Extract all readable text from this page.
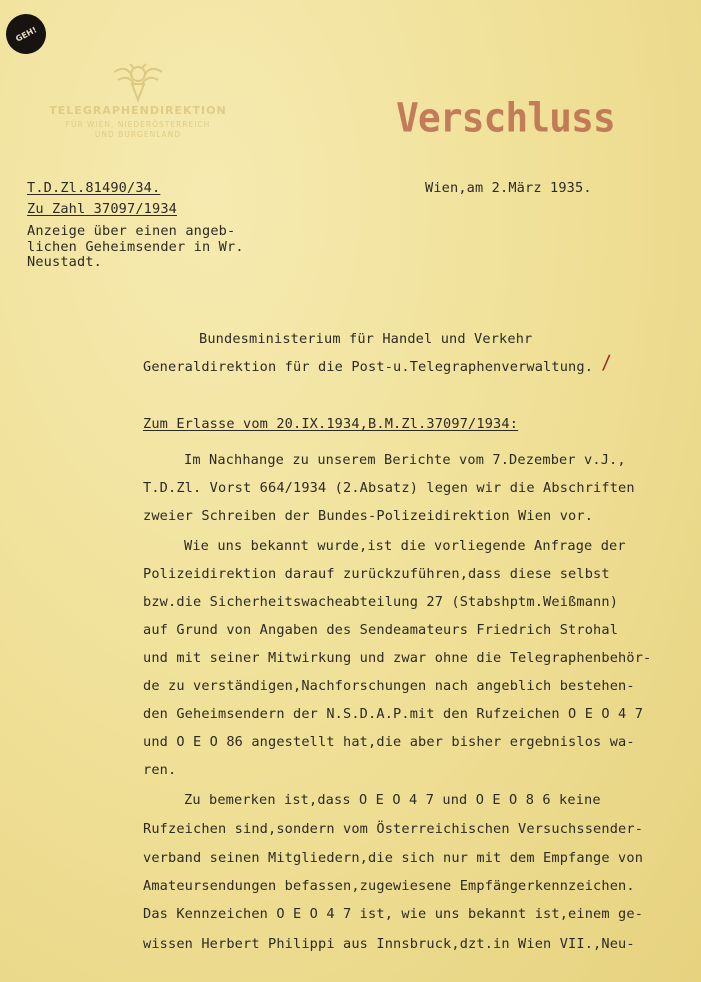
GEH!
TELEGRAPHENDIREKTION
FÜR WIEN, NIEDERÖSTERREICH
UND BURGENLAND	Verschluss
T.D.Zl.81490/34.
Zu Zahl 37097/1934
Anzeige über einen angeb-
lichen Geheimsender in Wr.
Neustadt.
Wien,am 2.März 1935.
Bundesministerium für Handel und Verkehr
Generaldirektion für die Post-u.Telegraphenverwaltung. /
Zum Erlasse vom 20.IX.1934,B.M.Zl.37097/1934:
Im Nachhange zu unserem Berichte vom 7.Dezember v.J.,
T.D.Zl. Vorst 664/1934 (2.Absatz) legen wir die Abschriften
zweier Schreiben der Bundes-Polizeidirektion Wien vor.
Wie uns bekannt wurde,ist die vorliegende Anfrage der
Polizeidirektion darauf zurückzuführen,dass diese selbst
bzw.die Sicherheitswacheabteilung 27 (Stabshptm.Weißmann)
auf Grund von Angaben des Sendeamateurs Friedrich Strohal
und mit seiner Mitwirkung und zwar ohne die Telegraphenbehör-
de zu verständigen,Nachforschungen nach angeblich bestehen-
den Geheimsendern der N.S.D.A.P.mit den Rufzeichen O E O 4 7
und O E O 86 angestellt hat,die aber bisher ergebnislos wa-
ren.
Zu bemerken ist,dass O E O 4 7 und O E O 8 6 keine
Rufzeichen sind,sondern vom Österreichischen Versuchssender-
verband seinen Mitgliedern,die sich nur mit dem Empfange von
Amateursendungen befassen,zugewiesene Empfängerkennzeichen.
Das Kennzeichen O E O 4 7 ist, wie uns bekannt ist,einem ge-
wissen Herbert Philippi aus Innsbruck,dzt.in Wien VII.,Neu-
